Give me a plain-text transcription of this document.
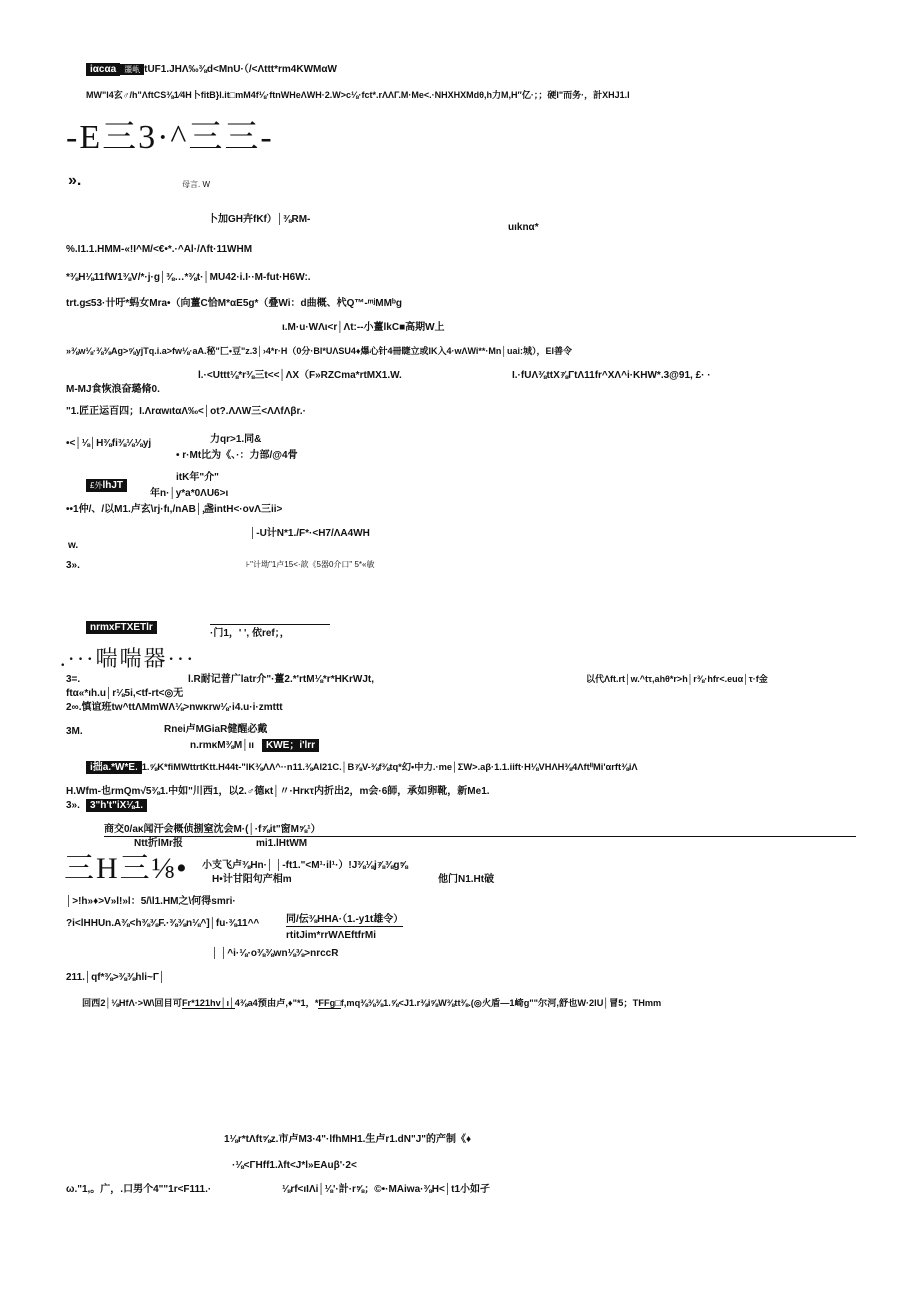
iαcαa 噩岷
lftUF1.JHΛ‰⅜d<MnU·（/<Λttt*rm4KWMαW
MW"l4玄♂/h"ΛftCS⅜1⁄4H卜fitB}l.it□mM4f⅛·ftnWHeΛWH·2.W>c⅛·fct*.rΛΛΓ.M·Me<.·NHXHXMdθ,h力M,H″亿·；；硬Ι"而务·，計XHJ1.I
-E三3·^三三-
».	母言. W
卜加GH卉fKf）│⅜RM-
uıknα*
%.I1.1.HMM-«!Ι^M/<€•*.·^Al·/Λft·11WHM
*⅜H⅛11fW1⅜V/*·j·g│⅜…*⅜t·│MU42·i.I··M-fut·H6W:.
trt.g≤53·卄吁*蚂女Mra•（向薑C恰M*αE5g*（叠Wi：d曲概、杙Q™-ᵐʲMMᵇg
ι.M·u·WΛι<r│Λt:--小薑lkC■高期W上
»⅜w⅛·⅜⅜Ag>⅝yjTq.i.a>fw⅛·aA.秘"匚•豆"z.3│›4*r·H（0分·Bl*UΛSU4♦爆心针4冊睫立或lK入4·wΛWi**·Mn│uai:城），El善令
l.·<Uttt⅛*r⅜三t<<│ΛX（F»RZCma*rtMX1.W.	I.·fUΛ⅜ttX⅞ΓtΛ11fr^XΛ^i·KHW*.3@91, £· ·
M-MJ食恢浪奋璐脩0.
"1.匠正运百四；I.ΛrαwιtαΛ‰<│ot?.ΛΛW三<ΛΛfΛβr.·
•<│⅛│H⅜fi⅜⅛⅛yj	力qr>1.同&
• r·Mt比为《、·：力部/@4骨
£外lhJT
itK年"介"
年n·│y*a*0ΛU6>ι
••1仲/、/以M1.卢玄\rj·fι,/nAB│，
盏intH<·ovΛ三ii>
│-U计N*1./F*·<H7/ΛA4WH
w.
3».	⊦"计坳"1卢15<·歆《5器0介口" 5*«敏
nrmxFTXETlr
·门1，' ', 依ref；，
.···喘喘器···
3=.	l.R耐记普广latr介"·薑2.*'rtM⅛*r*HKrWJt,	以代Λft.rt│w.^tτ,ahθ*r>h│r⅜·hfr<.euα│τ·f金
ftα«*ıh.u│r⅛5i,<tf-rt<◎无
2∞.慎谊班tw^ttΛMmWΛ⅛>nwκrw⅛·i4.u·i·zmttt
3M.	Rnei卢MGiaR健醒必戴
n.rmκM⅜M│ıı	KWE；i'lrr
i拙a.*W*E.
M1.⅝K*fiMWttrtKtt.H44t-"lK⅜ΛΛ^··n11.⅜Al21C.│B⅞V-⅜f⅜tq*幻•中力.·me│ΣW>.aβ·1.1.iift·H⅛VHΛH⅜4ΛftⁱⁱMi'αrft⅜iΛ
H.Wfm-也rmQm√5⅜1.中如"川西1，以2.♂德κt│〃·Hrκτ内折出2，m会·6師，承如卵靴，新Me1.
3».	3"h't"iX⅛1.
商交0/aκ闻汗会概侦捌窒沈会M·(│·f⅞it"窗M⅝¹）
Ntt折lMr报	mi1.lHtWM
三H三⅛• 小支飞卢⅜Hn·│ │-ft1."<M¹·il¹·）!J⅜⅛j⅞⅜g⅝
H•计甘阳句产相m	他门N1.Ht破
│>!h»♦>V»l!»l：5/\l1.HM之\何得smri·
?i<lHHUn.A⅜<h⅜⅜F.·⅜⅜n⅛^]│fu·⅜11^^	同/伝⅜HHA·（1.-y1t雄令）
rtitJim*rrWΛEftfrMi
│ │^i·⅛·o⅜⅜wn⅛⅜>nrccR
211.│qf*⅜>⅜⅜hli~Γ│
回西2│⅛HfΛ·>W\回目可Fr*121hv│ı│4⅜a4预由卢,♦"*1，*FFg□f,mq⅜⅜⅜1.⅝<J1.r⅜i⅝W⅜tt⅜.(◎火盾—1崎g""尔河,舒也W·2lU│冒5；THmm
1⅛r*tΛft⅝z.市卢M3·4"·lfhMH1.生卢r1.dN"J"的产制《♦
·⅛<ΓHff1.λft<J*l»EAuβ'·2<
ω."1,。广，.口男个4""1r<F111.·	⅛rf<ıIΛi│⅛'·計·r⅝；©•·MAiwa·⅜H<│t1小如孑
